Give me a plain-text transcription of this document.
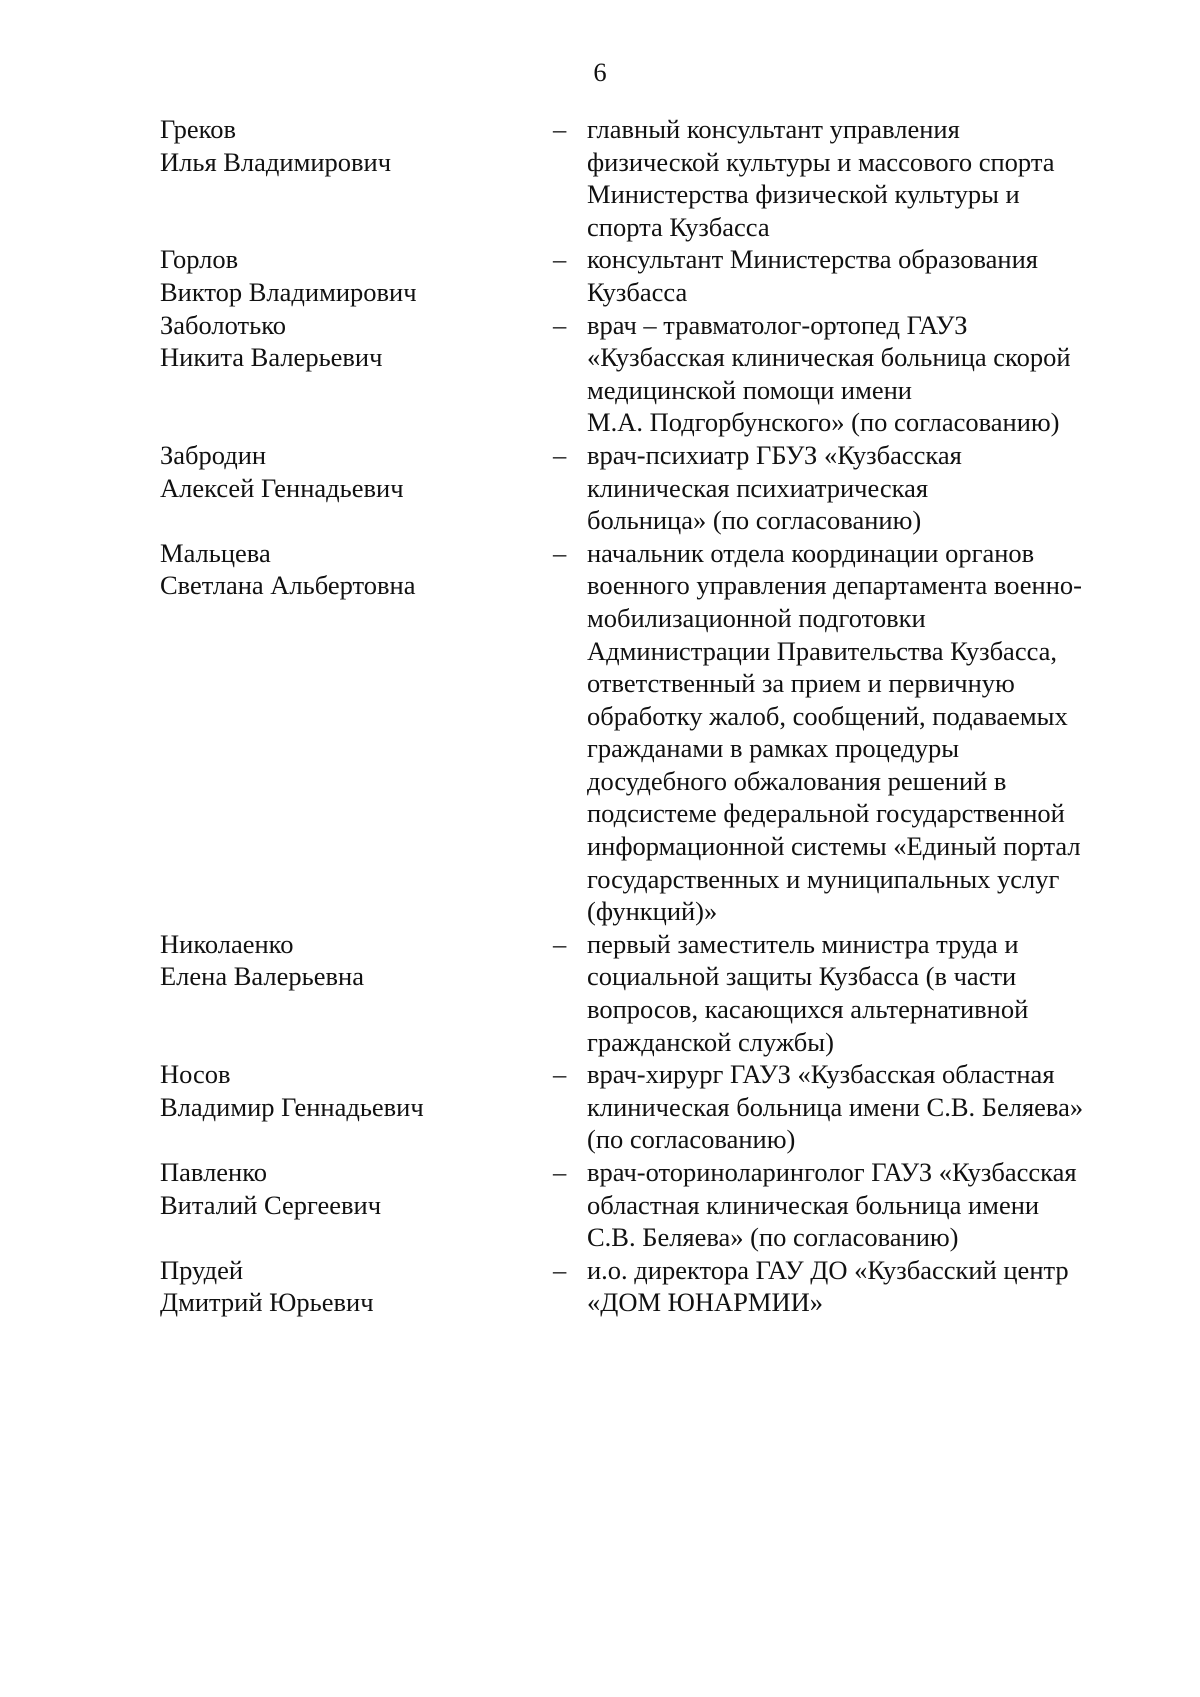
6
Греков
Илья Владимирович
– главный консультант управления
физической культуры и массового спорта
Министерства физической культуры и
спорта Кузбасса
Горлов
Виктор Владимирович
– консультант Министерства образования
Кузбасса
Заболотько
Никита Валерьевич
– врач – травматолог-ортопед ГАУЗ
«Кузбасская клиническая больница скорой
медицинской помощи имени
М.А. Подгорбунского» (по согласованию)
Забродин
Алексей Геннадьевич
– врач-психиатр ГБУЗ «Кузбасская
клиническая психиатрическая
больница» (по согласованию)
Мальцева
Светлана Альбертовна
– начальник отдела координации органов
военного управления департамента военно-
мобилизационной подготовки
Администрации Правительства Кузбасса,
ответственный за прием и первичную
обработку жалоб, сообщений, подаваемых
гражданами в рамках процедуры
досудебного обжалования решений в
подсистеме федеральной государственной
информационной системы «Единый портал
государственных и муниципальных услуг
(функций)»
Николаенко
Елена Валерьевна
– первый заместитель министра труда и
социальной защиты Кузбасса (в части
вопросов, касающихся альтернативной
гражданской службы)
Носов
Владимир Геннадьевич
– врач-хирург ГАУЗ «Кузбасская областная
клиническая больница имени С.В. Беляева»
(по согласованию)
Павленко
Виталий Сергеевич
– врач-оториноларинголог ГАУЗ «Кузбасская
областная клиническая больница имени
С.В. Беляева» (по согласованию)
Прудей
Дмитрий Юрьевич
– и.о. директора ГАУ ДО «Кузбасский центр
«ДОМ ЮНАРМИИ»
